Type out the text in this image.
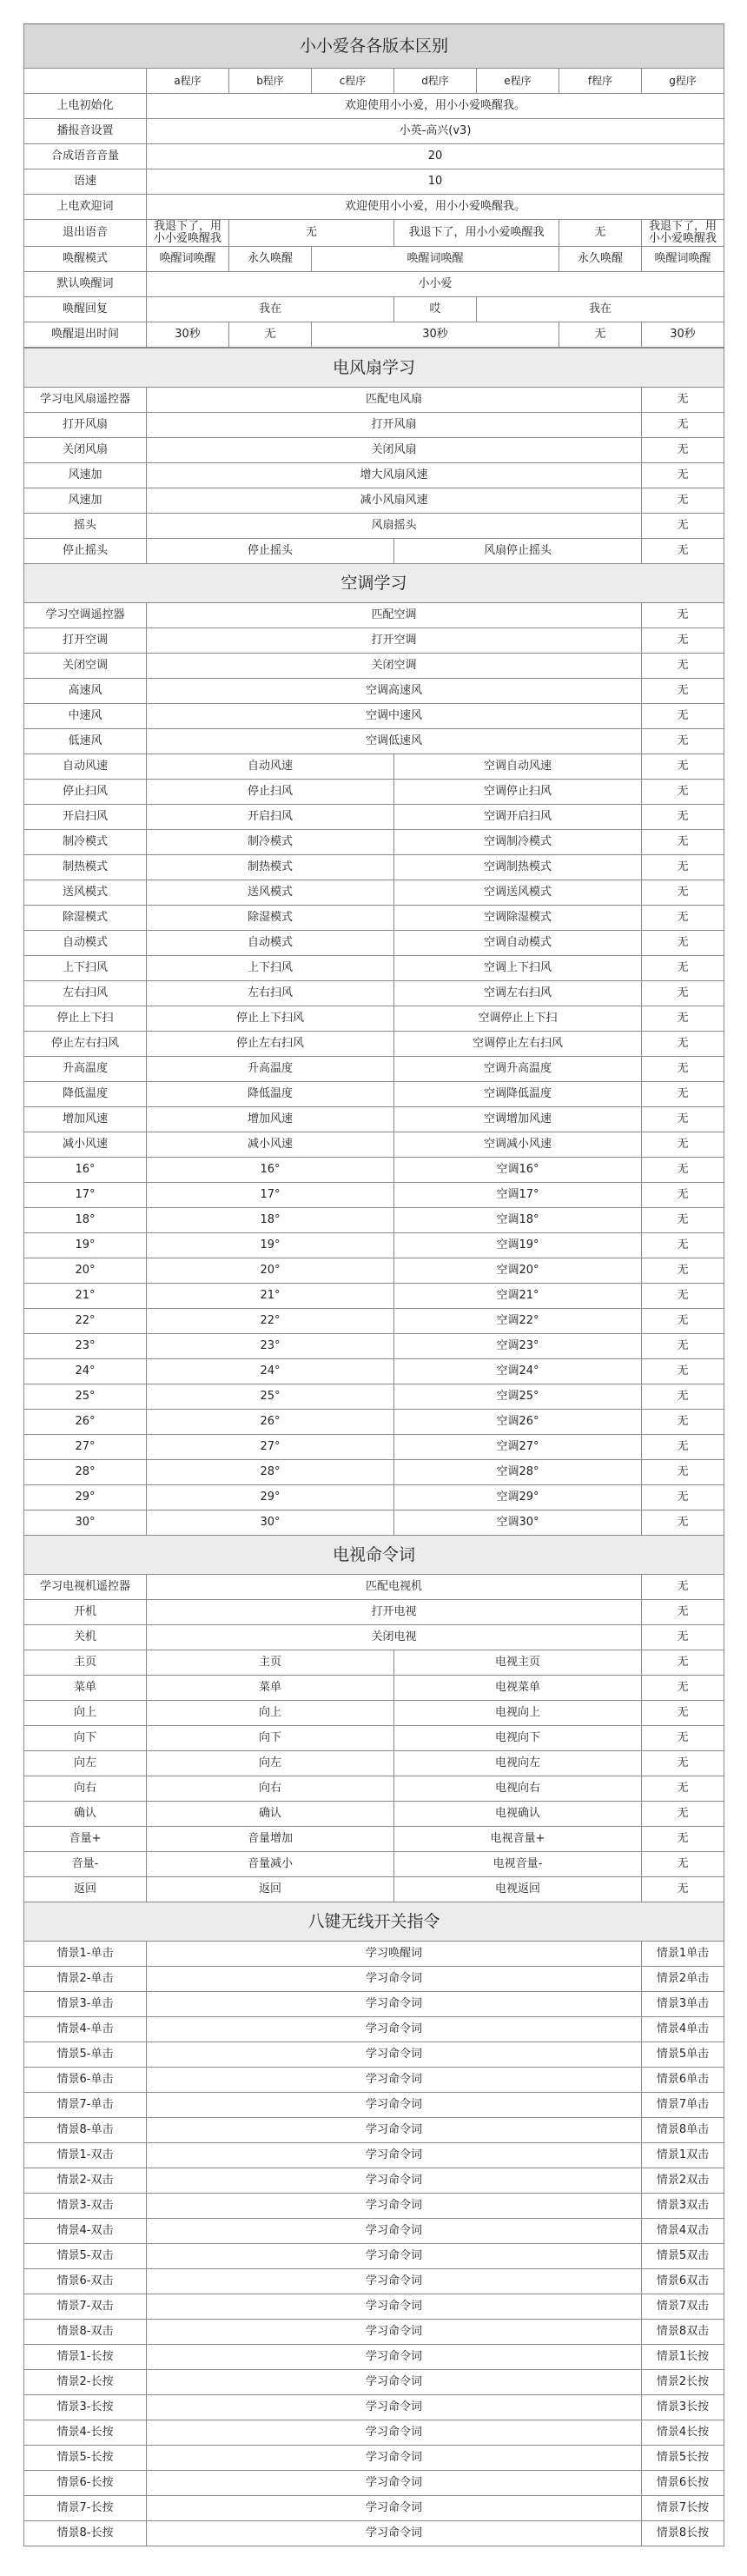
小小爱各各版本区别							
	a程序	b程序	c程序	d程序	e程序	f程序	g程序
上电初始化	欢迎使用小小爱，用小小爱唤醒我。						
播报音设置	小英-高兴(v3)						
合成语音音量	20						
语速	10						
上电欢迎词	欢迎使用小小爱，用小小爱唤醒我。						
退出语音	我退下了，用小小爱唤醒我	无		我退下了，用小小爱唤醒我		无	我退下了，用小小爱唤醒我
唤醒模式	唤醒词唤醒	永久唤醒	唤醒词唤醒			永久唤醒	唤醒词唤醒
默认唤醒词	小小爱						
唤醒回复	我在			哎	我在		
唤醒退出时间	30秒	无	30秒			无	30秒
电风扇学习			
学习电风扇遥控器	匹配电风扇		无
打开风扇	打开风扇		无
关闭风扇	关闭风扇		无
风速加	增大风扇风速		无
风速加	减小风扇风速		无
摇头	风扇摇头		无
停止摇头	停止摇头	风扇停止摇头	无
空调学习			
学习空调遥控器	匹配空调		无
打开空调	打开空调		无
关闭空调	关闭空调		无
高速风	空调高速风		无
中速风	空调中速风		无
低速风	空调低速风		无
自动风速	自动风速	空调自动风速	无
停止扫风	停止扫风	空调停止扫风	无
开启扫风	开启扫风	空调开启扫风	无
制冷模式	制冷模式	空调制冷模式	无
制热模式	制热模式	空调制热模式	无
送风模式	送风模式	空调送风模式	无
除湿模式	除湿模式	空调除湿模式	无
自动模式	自动模式	空调自动模式	无
上下扫风	上下扫风	空调上下扫风	无
左右扫风	左右扫风	空调左右扫风	无
停止上下扫	停止上下扫风	空调停止上下扫	无
停止左右扫风	停止左右扫风	空调停止左右扫风	无
升高温度	升高温度	空调升高温度	无
降低温度	降低温度	空调降低温度	无
增加风速	增加风速	空调增加风速	无
减小风速	减小风速	空调减小风速	无
16°	16°	空调16°	无
17°	17°	空调17°	无
18°	18°	空调18°	无
19°	19°	空调19°	无
20°	20°	空调20°	无
21°	21°	空调21°	无
22°	22°	空调22°	无
23°	23°	空调23°	无
24°	24°	空调24°	无
25°	25°	空调25°	无
26°	26°	空调26°	无
27°	27°	空调27°	无
28°	28°	空调28°	无
29°	29°	空调29°	无
30°	30°	空调30°	无
电视命令词			
学习电视机遥控器	匹配电视机		无
开机	打开电视		无
关机	关闭电视		无
主页	主页	电视主页	无
菜单	菜单	电视菜单	无
向上	向上	电视向上	无
向下	向下	电视向下	无
向左	向左	电视向左	无
向右	向右	电视向右	无
确认	确认	电视确认	无
音量+	音量增加	电视音量+	无
音量-	音量减小	电视音量-	无
返回	返回	电视返回	无
八键无线开关指令			
情景1-单击	学习唤醒词		情景1单击
情景2-单击	学习命令词		情景2单击
情景3-单击	学习命令词		情景3单击
情景4-单击	学习命令词		情景4单击
情景5-单击	学习命令词		情景5单击
情景6-单击	学习命令词		情景6单击
情景7-单击	学习命令词		情景7单击
情景8-单击	学习命令词		情景8单击
情景1-双击	学习命令词		情景1双击
情景2-双击	学习命令词		情景2双击
情景3-双击	学习命令词		情景3双击
情景4-双击	学习命令词		情景4双击
情景5-双击	学习命令词		情景5双击
情景6-双击	学习命令词		情景6双击
情景7-双击	学习命令词		情景7双击
情景8-双击	学习命令词		情景8双击
情景1-长按	学习命令词		情景1长按
情景2-长按	学习命令词		情景2长按
情景3-长按	学习命令词		情景3长按
情景4-长按	学习命令词		情景4长按
情景5-长按	学习命令词		情景5长按
情景6-长按	学习命令词		情景6长按
情景7-长按	学习命令词		情景7长按
情景8-长按	学习命令词		情景8长按
